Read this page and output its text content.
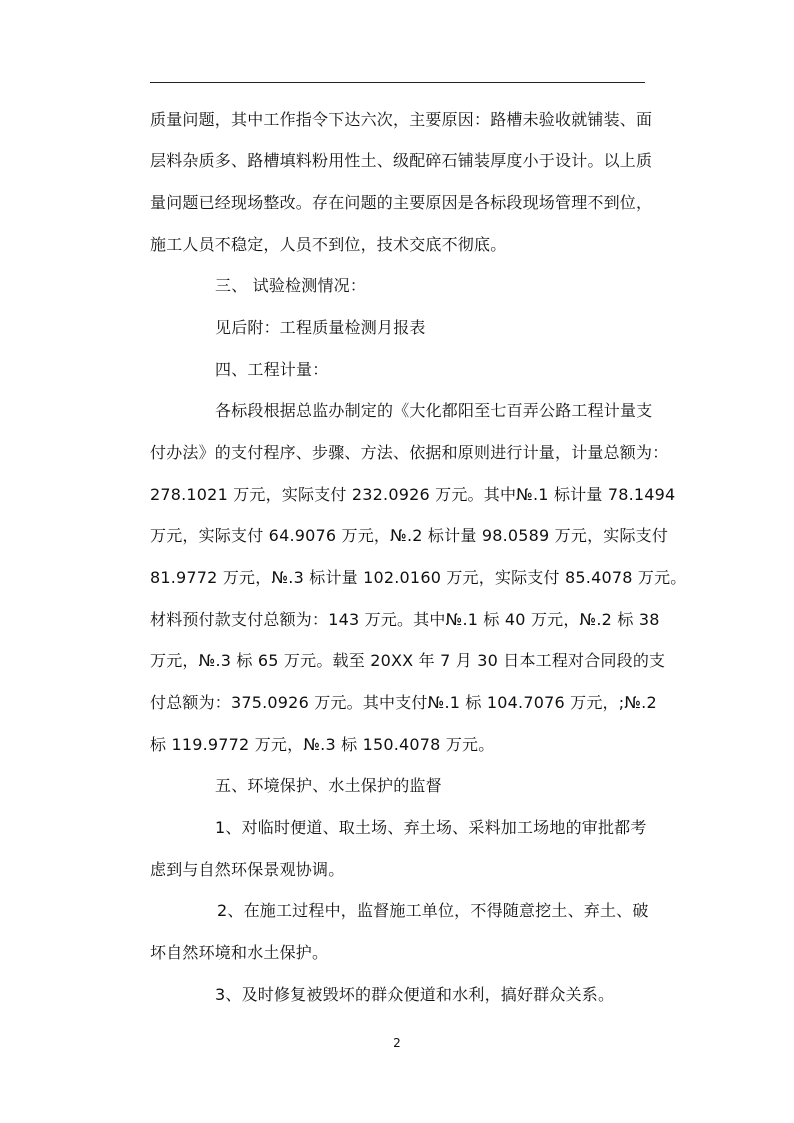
质量问题，其中工作指令下达六次，主要原因：路槽未验收就铺装、面
层料杂质多、路槽填料粉用性土、级配碎石铺装厚度小于设计。以上质
量问题已经现场整改。存在问题的主要原因是各标段现场管理不到位，
施工人员不稳定，人员不到位，技术交底不彻底。
三、 试验检测情况：
见后附：工程质量检测月报表
四、工程计量：
各标段根据总监办制定的《大化都阳至七百弄公路工程计量支
付办法》的支付程序、步骤、方法、依据和原则进行计量，计量总额为：
278.1021 万元，实际支付 232.0926 万元。其中№.1 标计量 78.1494
万元，实际支付 64.9076 万元，№.2 标计量 98.0589 万元，实际支付
81.9772 万元，№.3 标计量 102.0160 万元，实际支付 85.4078 万元。
材料预付款支付总额为：143 万元。其中№.1 标 40 万元，№.2 标 38
万元，№.3 标 65 万元。载至 20XX 年 7 月 30 日本工程对合同段的支
付总额为：375.0926 万元。其中支付№.1 标 104.7076 万元，;№.2
标 119.9772 万元，№.3 标 150.4078 万元。
五、环境保护、水土保护的监督
1、对临时便道、取土场、弃土场、采料加工场地的审批都考
虑到与自然环保景观协调。
2、在施工过程中，监督施工单位，不得随意挖土、弃土、破
坏自然环境和水土保护。
3、及时修复被毁坏的群众便道和水利，搞好群众关系。
2
